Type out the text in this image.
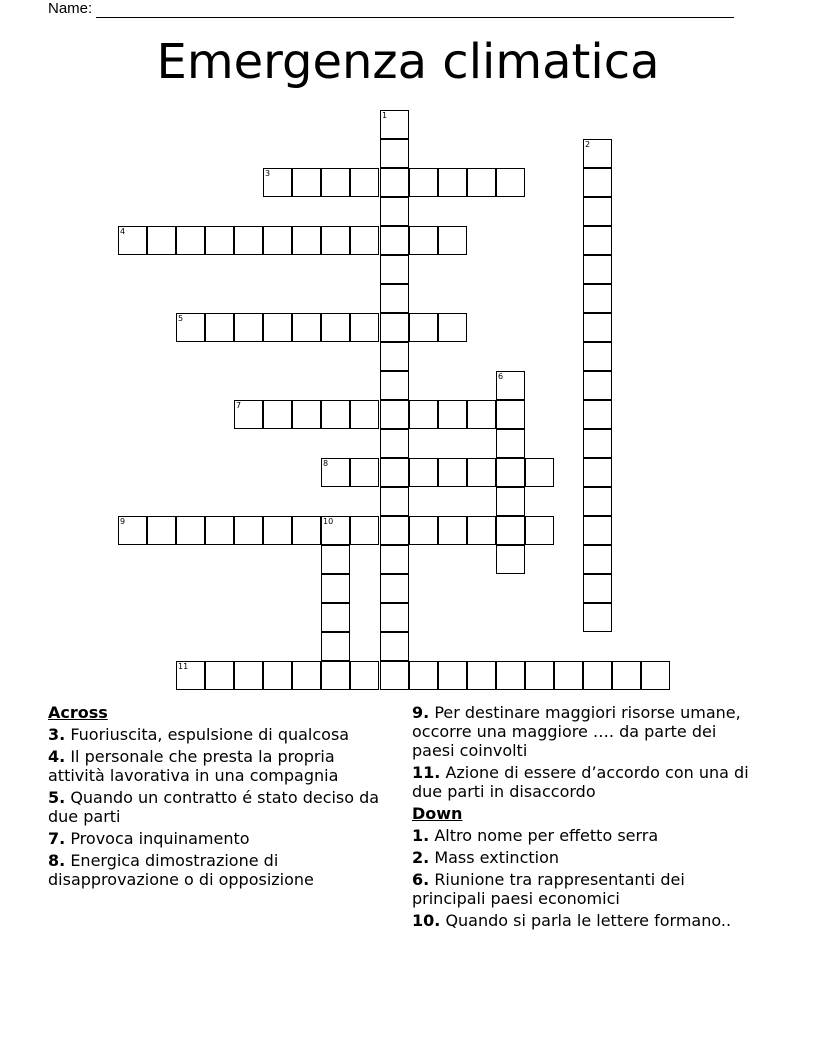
Name:
Emergenza climatica
1
2
3
4
5
6
7
8
9	10
11
Across
3. Fuoriuscita, espulsione di qualcosa
4. Il personale che presta la propria attività lavorativa in una compagnia
5. Quando un contratto é stato deciso da due parti
7. Provoca inquinamento
8. Energica dimostrazione di disapprovazione o di opposizione
9. Per destinare maggiori risorse umane, occorre una maggiore …. da parte dei paesi coinvolti
11. Azione di essere d’accordo con una di due parti in disaccordo
Down
1. Altro nome per effetto serra
2. Mass extinction
6. Riunione tra rappresentanti dei principali paesi economici
10. Quando si parla le lettere formano..
